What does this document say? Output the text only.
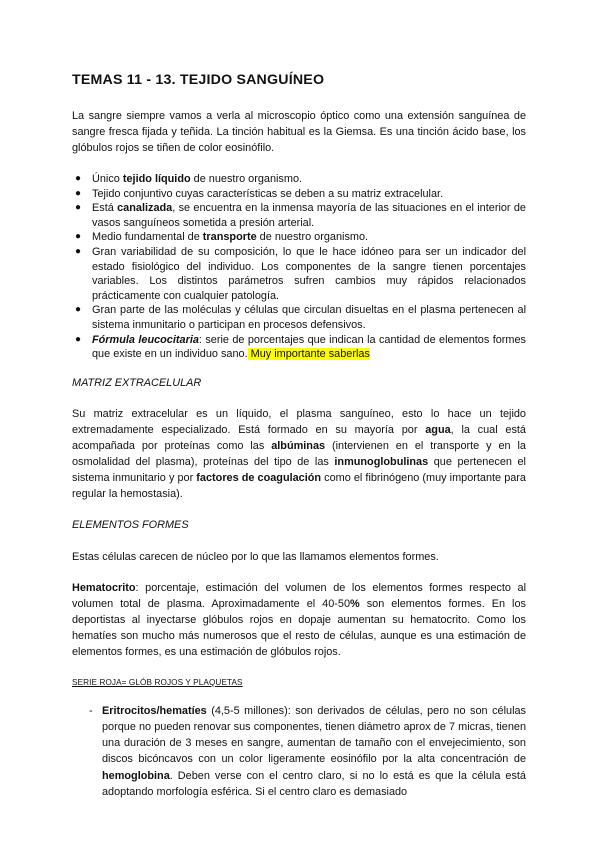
TEMAS 11 - 13. TEJIDO SANGUÍNEO

La sangre siempre vamos a verla al microscopio óptico como una extensión sanguínea de sangre fresca fijada y teñida. La tinción habitual es la Giemsa. Es una tinción ácido base, los glóbulos rojos se tiñen de color eosinófilo.

● Único tejido líquido de nuestro organismo.
● Tejido conjuntivo cuyas características se deben a su matriz extracelular.
● Está canalizada, se encuentra en la inmensa mayoría de las situaciones en el interior de vasos sanguíneos sometida a presión arterial.
● Medio fundamental de transporte de nuestro organismo.
● Gran variabilidad de su composición, lo que le hace idóneo para ser un indicador del estado fisiológico del individuo. Los componentes de la sangre tienen porcentajes variables. Los distintos parámetros sufren cambios muy rápidos relacionados prácticamente con cualquier patología.
● Gran parte de las moléculas y células que circulan disueltas en el plasma pertenecen al sistema inmunitario o participan en procesos defensivos.
● Fórmula leucocitaria: serie de porcentajes que indican la cantidad de elementos formes que existe en un individuo sano. Muy importante saberlas

MATRIZ EXTRACELULAR

Su matriz extracelular es un líquido, el plasma sanguíneo, esto lo hace un tejido extremadamente especializado. Está formado en su mayoría por agua, la cual está acompañada por proteínas como las albúminas (intervienen en el transporte y en la osmolalidad del plasma), proteínas del tipo de las inmunoglobulinas que pertenecen el sistema inmunitario y por factores de coagulación como el fibrinógeno (muy importante para regular la hemostasia).

ELEMENTOS FORMES

Estas células carecen de núcleo por lo que las llamamos elementos formes.

Hematocrito: porcentaje, estimación del volumen de los elementos formes respecto al volumen total de plasma. Aproximadamente el 40-50% son elementos formes. En los deportistas al inyectarse glóbulos rojos en dopaje aumentan su hematocrito. Como los hematíes son mucho más numerosos que el resto de células, aunque es una estimación de elementos formes, es una estimación de glóbulos rojos.

SERIE ROJA= GLÓB ROJOS Y PLAQUETAS

- Eritrocitos/hematíes (4,5-5 millones): son derivados de células, pero no son células porque no pueden renovar sus componentes, tienen diámetro aprox de 7 micras, tienen una duración de 3 meses en sangre, aumentan de tamaño con el envejecimiento, son discos bicóncavos con un color ligeramente eosinófilo por la alta concentración de hemoglobina. Deben verse con el centro claro, si no lo está es que la célula está adoptando morfología esférica. Si el centro claro es demasiado
